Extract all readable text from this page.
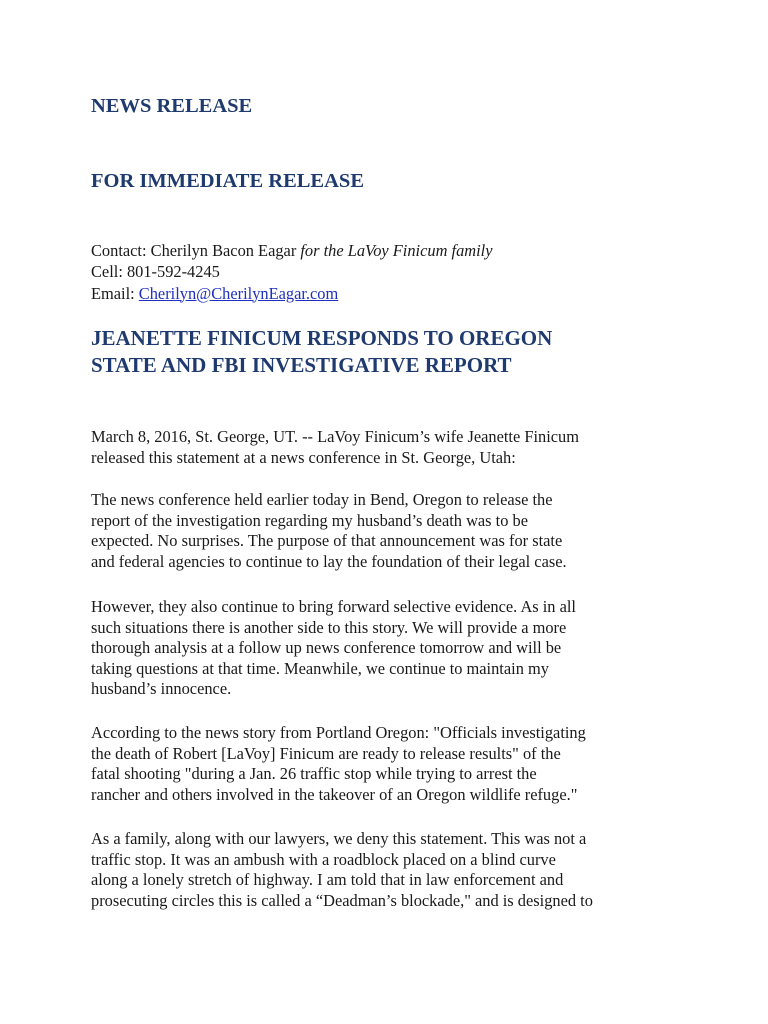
NEWS RELEASE
FOR IMMEDIATE RELEASE
Contact: Cherilyn Bacon Eagar for the LaVoy Finicum family
Cell: 801-592-4245
Email: Cherilyn@CherilynEagar.com
JEANETTE FINICUM RESPONDS TO OREGON
STATE AND FBI INVESTIGATIVE REPORT

March 8, 2016, St. George, UT. -- LaVoy Finicum’s wife Jeanette Finicum
released this statement at a news conference in St. George, Utah:

The news conference held earlier today in Bend, Oregon to release the
report of the investigation regarding my husband’s death was to be
expected. No surprises. The purpose of that announcement was for state
and federal agencies to continue to lay the foundation of their legal case.

However, they also continue to bring forward selective evidence. As in all
such situations there is another side to this story. We will provide a more
thorough analysis at a follow up news conference tomorrow and will be
taking questions at that time. Meanwhile, we continue to maintain my
husband’s innocence.

According to the news story from Portland Oregon: "Officials investigating
the death of Robert [LaVoy] Finicum are ready to release results" of the
fatal shooting "during a Jan. 26 traffic stop while trying to arrest the
rancher and others involved in the takeover of an Oregon wildlife refuge."

As a family, along with our lawyers, we deny this statement. This was not a
traffic stop. It was an ambush with a roadblock placed on a blind curve
along a lonely stretch of highway. I am told that in law enforcement and
prosecuting circles this is called a “Deadman’s blockade," and is designed to
